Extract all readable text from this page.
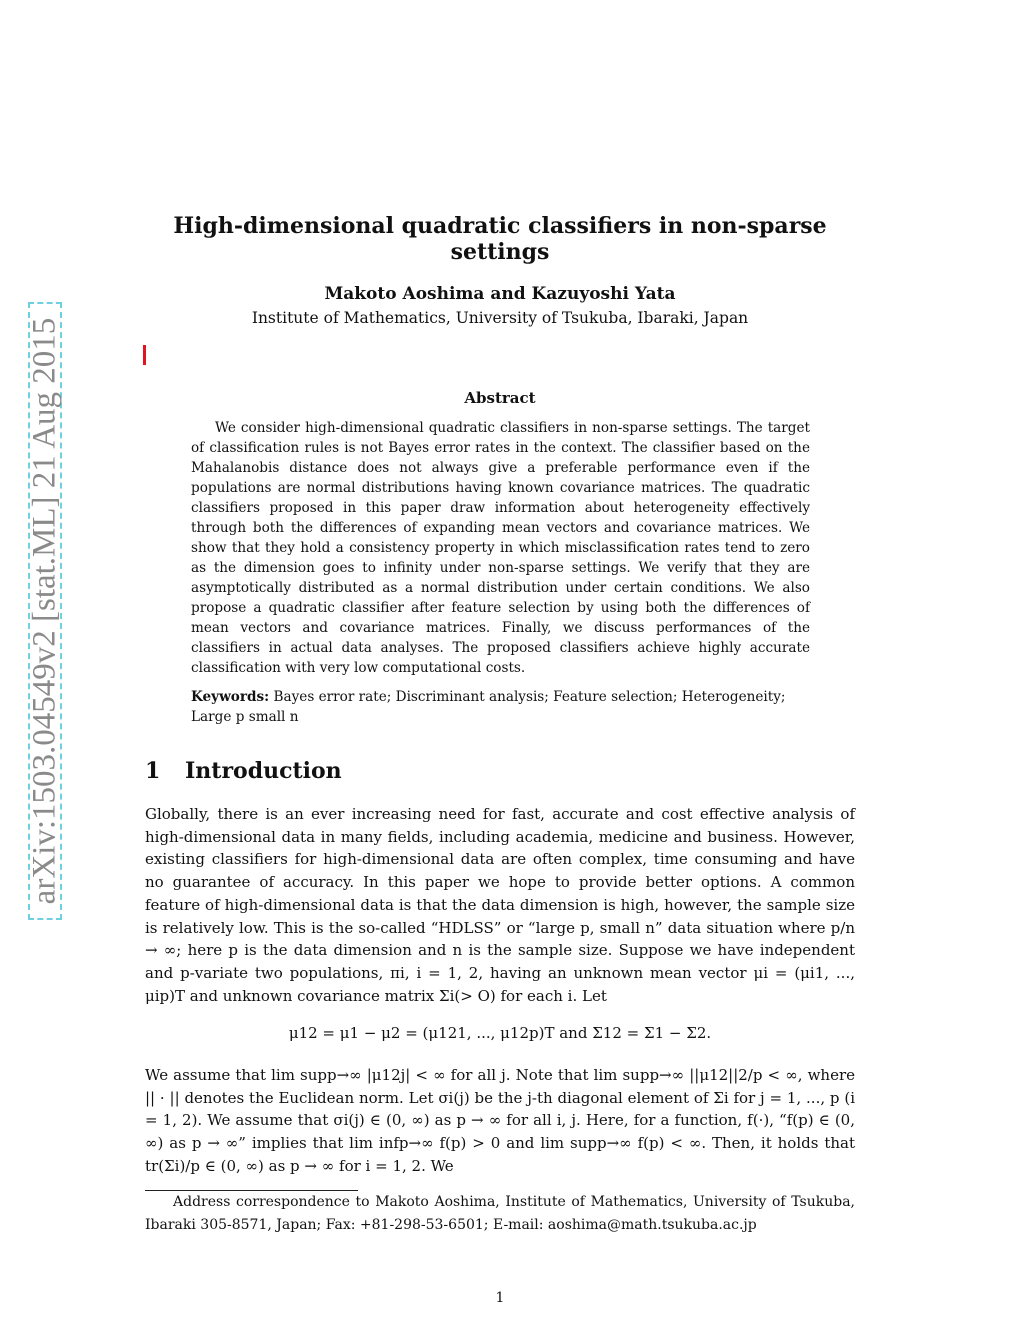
arXiv:1503.04549v2 [stat.ML] 21 Aug 2015
High-dimensional quadratic classifiers in non-sparse settings
Makoto Aoshima and Kazuyoshi Yata
Institute of Mathematics, University of Tsukuba, Ibaraki, Japan
Abstract

We consider high-dimensional quadratic classifiers in non-sparse settings. The target of classification rules is not Bayes error rates in the context. The classifier based on the Mahalanobis distance does not always give a preferable performance even if the populations are normal distributions having known covariance matrices. The quadratic classifiers proposed in this paper draw information about heterogeneity effectively through both the differences of expanding mean vectors and covariance matrices. We show that they hold a consistency property in which misclassification rates tend to zero as the dimension goes to infinity under non-sparse settings. We verify that they are asymptotically distributed as a normal distribution under certain conditions. We also propose a quadratic classifier after feature selection by using both the differences of mean vectors and covariance matrices. Finally, we discuss performances of the classifiers in actual data analyses. The proposed classifiers achieve highly accurate classification with very low computational costs.

Keywords: Bayes error rate; Discriminant analysis; Feature selection; Heterogeneity; Large p small n

1 Introduction

Globally, there is an ever increasing need for fast, accurate and cost effective analysis of high-dimensional data in many fields, including academia, medicine and business. However, existing classifiers for high-dimensional data are often complex, time consuming and have no guarantee of accuracy. In this paper we hope to provide better options. A common feature of high-dimensional data is that the data dimension is high, however, the sample size is relatively low. This is the so-called “HDLSS” or “large p, small n” data situation where p/n → ∞; here p is the data dimension and n is the sample size. Suppose we have independent and p-variate two populations, πi, i = 1, 2, having an unknown mean vector μi = (μi1, ..., μip)T and unknown covariance matrix Σi(> O) for each i. Let

μ12 = μ1 − μ2 = (μ121, ..., μ12p)T and Σ12 = Σ1 − Σ2.

We assume that lim supp→∞ |μ12j| < ∞ for all j. Note that lim supp→∞ ||μ12||2/p < ∞, where || · || denotes the Euclidean norm. Let σi(j) be the j-th diagonal element of Σi for j = 1, ..., p (i = 1, 2). We assume that σi(j) ∈ (0, ∞) as p → ∞ for all i, j. Here, for a function, f(·), “f(p) ∈ (0, ∞) as p → ∞” implies that lim infp→∞ f(p) > 0 and lim supp→∞ f(p) < ∞. Then, it holds that tr(Σi)/p ∈ (0, ∞) as p → ∞ for i = 1, 2. We

Address correspondence to Makoto Aoshima, Institute of Mathematics, University of Tsukuba, Ibaraki 305-8571, Japan; Fax: +81-298-53-6501; E-mail: aoshima@math.tsukuba.ac.jp

1
